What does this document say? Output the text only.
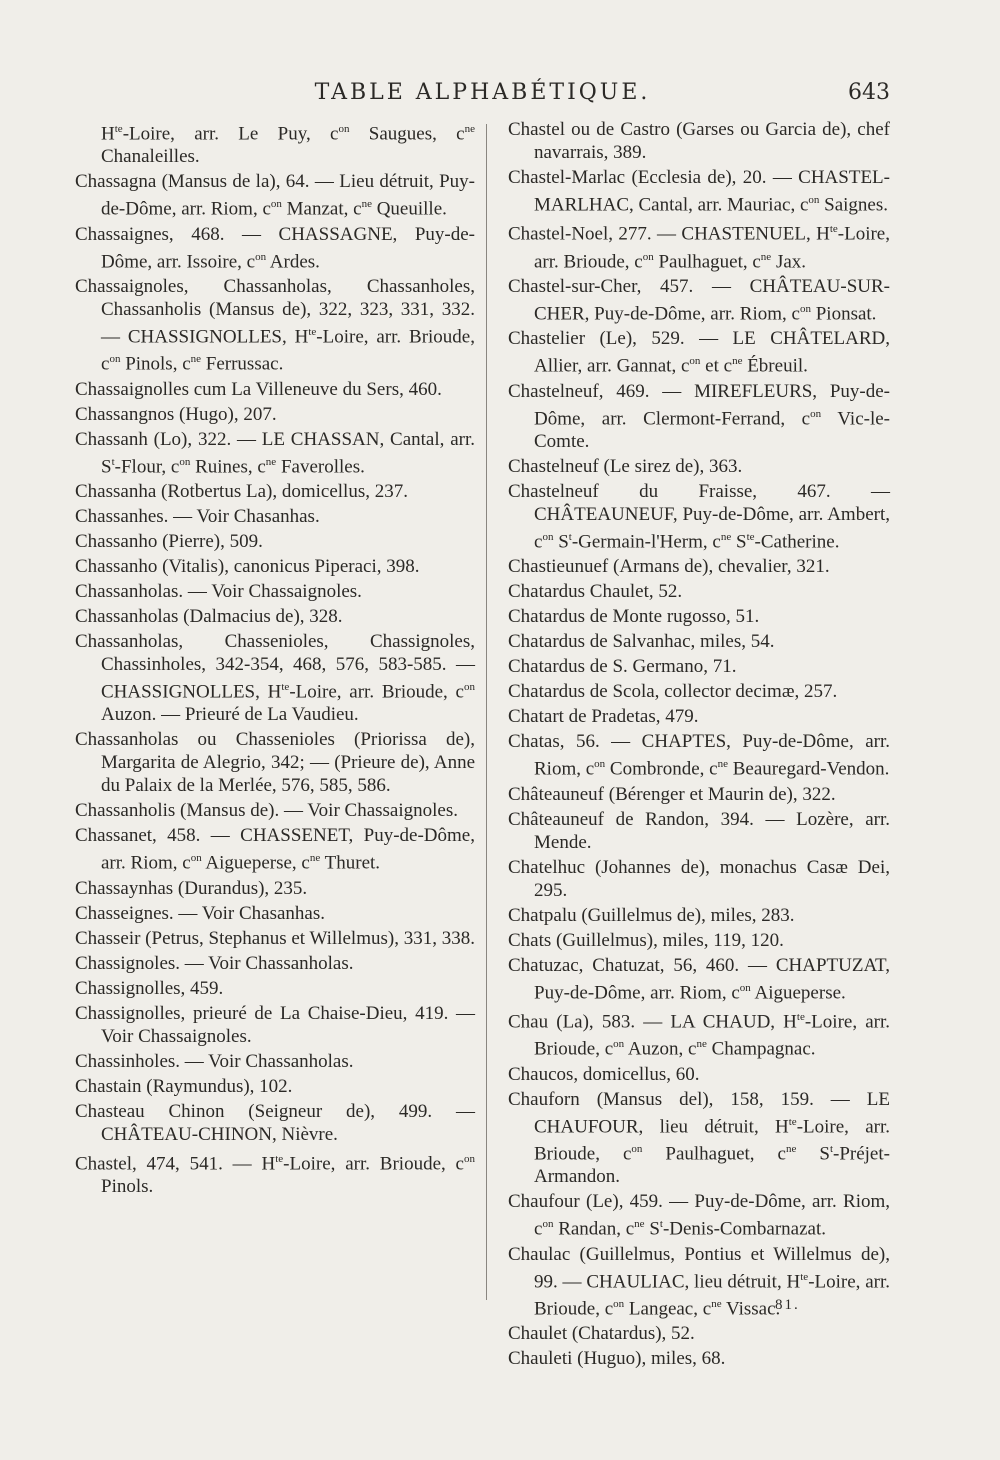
TABLE ALPHABÉTIQUE.	643

$H^{te}$-Loire, arr. Le Puy, $c^{on}$ Saugues, $c^{ne}$ Chanaleilles.

Chassagna (Mansus de la), 64. — Lieu détruit, Puy-de-Dôme, arr. Riom, $c^{on}$ Manzat, $c^{ne}$ Queuille.

Chassaignes, 468. — CHASSAGNE, Puy-de-Dôme, arr. Issoire, $c^{on}$ Ardes.

Chassaignoles, Chassanholas, Chassanholes, Chassanholis (Mansus de), 322, 323, 331, 332. — CHASSIGNOLLES, $H^{te}$-Loire, arr. Brioude, $c^{on}$ Pinols, $c^{ne}$ Ferrussac.

Chassaignolles cum La Villeneuve du Sers, 460.

Chassangnos (Hugo), 207.

Chassanh (Lo), 322. — LE CHASSAN, Cantal, arr. $S^t$-Flour, $c^{on}$ Ruines, $c^{ne}$ Faverolles.

Chassanha (Rotbertus La), domicellus, 237.

Chassanhes. — Voir Chasanhas.

Chassanho (Pierre), 509.

Chassanho (Vitalis), canonicus Piperaci, 398.

Chassanholas. — Voir Chassaignoles.

Chassanholas (Dalmacius de), 328.

Chassanholas, Chassenioles, Chassignoles, Chassinholes, 342-354, 468, 576, 583-585. — CHASSIGNOLLES, $H^{te}$-Loire, arr. Brioude, $c^{on}$ Auzon. — Prieuré de La Vaudieu.

Chassanholas ou Chassenioles (Priorissa de), Margarita de Alegrio, 342; — (Prieure de), Anne du Palaix de la Merlée, 576, 585, 586.

Chassanholis (Mansus de). — Voir Chassaignoles.

Chassanet, 458. — CHASSENET, Puy-de-Dôme, arr. Riom, $c^{on}$ Aigueperse, $c^{ne}$ Thuret.

Chassaynhas (Durandus), 235.

Chasseignes. — Voir Chasanhas.

Chasseir (Petrus, Stephanus et Willelmus), 331, 338.

Chassignoles. — Voir Chassanholas.

Chassignolles, 459.

Chassignolles, prieuré de La Chaise-Dieu, 419. — Voir Chassaignoles.

Chassinholes. — Voir Chassanholas.

Chastain (Raymundus), 102.

Chasteau Chinon (Seigneur de), 499. — CHÂTEAU-CHINON, Nièvre.

Chastel, 474, 541. — $H^{te}$-Loire, arr. Brioude, $c^{on}$ Pinols.

Chastel ou de Castro (Garses ou Garcia de), chef navarrais, 389.

Chastel-Marlac (Ecclesia de), 20. — CHASTEL-MARLHAC, Cantal, arr. Mauriac, $c^{on}$ Saignes.

Chastel-Noel, 277. — CHASTENUEL, $H^{te}$-Loire, arr. Brioude, $c^{on}$ Paulhaguet, $c^{ne}$ Jax.

Chastel-sur-Cher, 457. — CHÂTEAU-SUR-CHER, Puy-de-Dôme, arr. Riom, $c^{on}$ Pionsat.

Chastelier (Le), 529. — LE CHÂTELARD, Allier, arr. Gannat, $c^{on}$ et $c^{ne}$ Ébreuil.

Chastelneuf, 469. — MIREFLEURS, Puy-de-Dôme, arr. Clermont-Ferrand, $c^{on}$ Vic-le-Comte.

Chastelneuf (Le sirez de), 363.

Chastelneuf du Fraisse, 467. — CHÂTEAUNEUF, Puy-de-Dôme, arr. Ambert, $c^{on}$ $S^t-Germain-l'Herm$, $c^{ne}$ $S^{te}$-Catherine.

Chastieunuef (Armans de), chevalier, 321.

Chatardus Chaulet, 52.

Chatardus de Monte rugosso, 51.

Chatardus de Salvanhac, miles, 54.

Chatardus de S. Germano, 71.

Chatardus de Scola, collector decimæ, 257.

Chatart de Pradetas, 479.

Chatas, 56. — CHAPTES, Puy-de-Dôme, arr. Riom, $c^{on}$ Combronde, $c^{ne}$ Beauregard-Vendon.

Châteauneuf (Bérenger et Maurin de), 322.

Châteauneuf de Randon, 394. — Lozère, arr. Mende.

Chatelhuc (Johannes de), monachus Casæ Dei, 295.

Chatpalu (Guillelmus de), miles, 283.

Chats (Guillelmus), miles, 119, 120.

Chatuzac, Chatuzat, 56, 460. — CHAPTUZAT, Puy-de-Dôme, arr. Riom, $c^{on}$ Aigueperse.

Chau (La), 583. — LA CHAUD, $H^{te}$-Loire, arr. Brioude, $c^{on}$ Auzon, $c^{ne}$ Champagnac.

Chaucos, domicellus, 60.

Chauforn (Mansus del), 158, 159. — LE CHAUFOUR, lieu détruit, $H^{te}$-Loire, arr. Brioude, $c^{on}$ Paulhaguet, $c^{ne}$ $S^t-Préjet$-Armandon.

Chaufour (Le), 459. — Puy-de-Dôme, arr. Riom, $c^{on}$ Randan, $c^{ne}$ $S^t-Denis$-Combarnazat.

Chaulac (Guillelmus, Pontius et Willelmus de), 99. — CHAULIAC, lieu détruit, $H^{te}$-Loire, arr. Brioude, $c^{on}$ Langeac, $c^{ne}$ Vissac.

Chaulet (Chatardus), 52.

Chauleti (Huguo), miles, 68.

81.
